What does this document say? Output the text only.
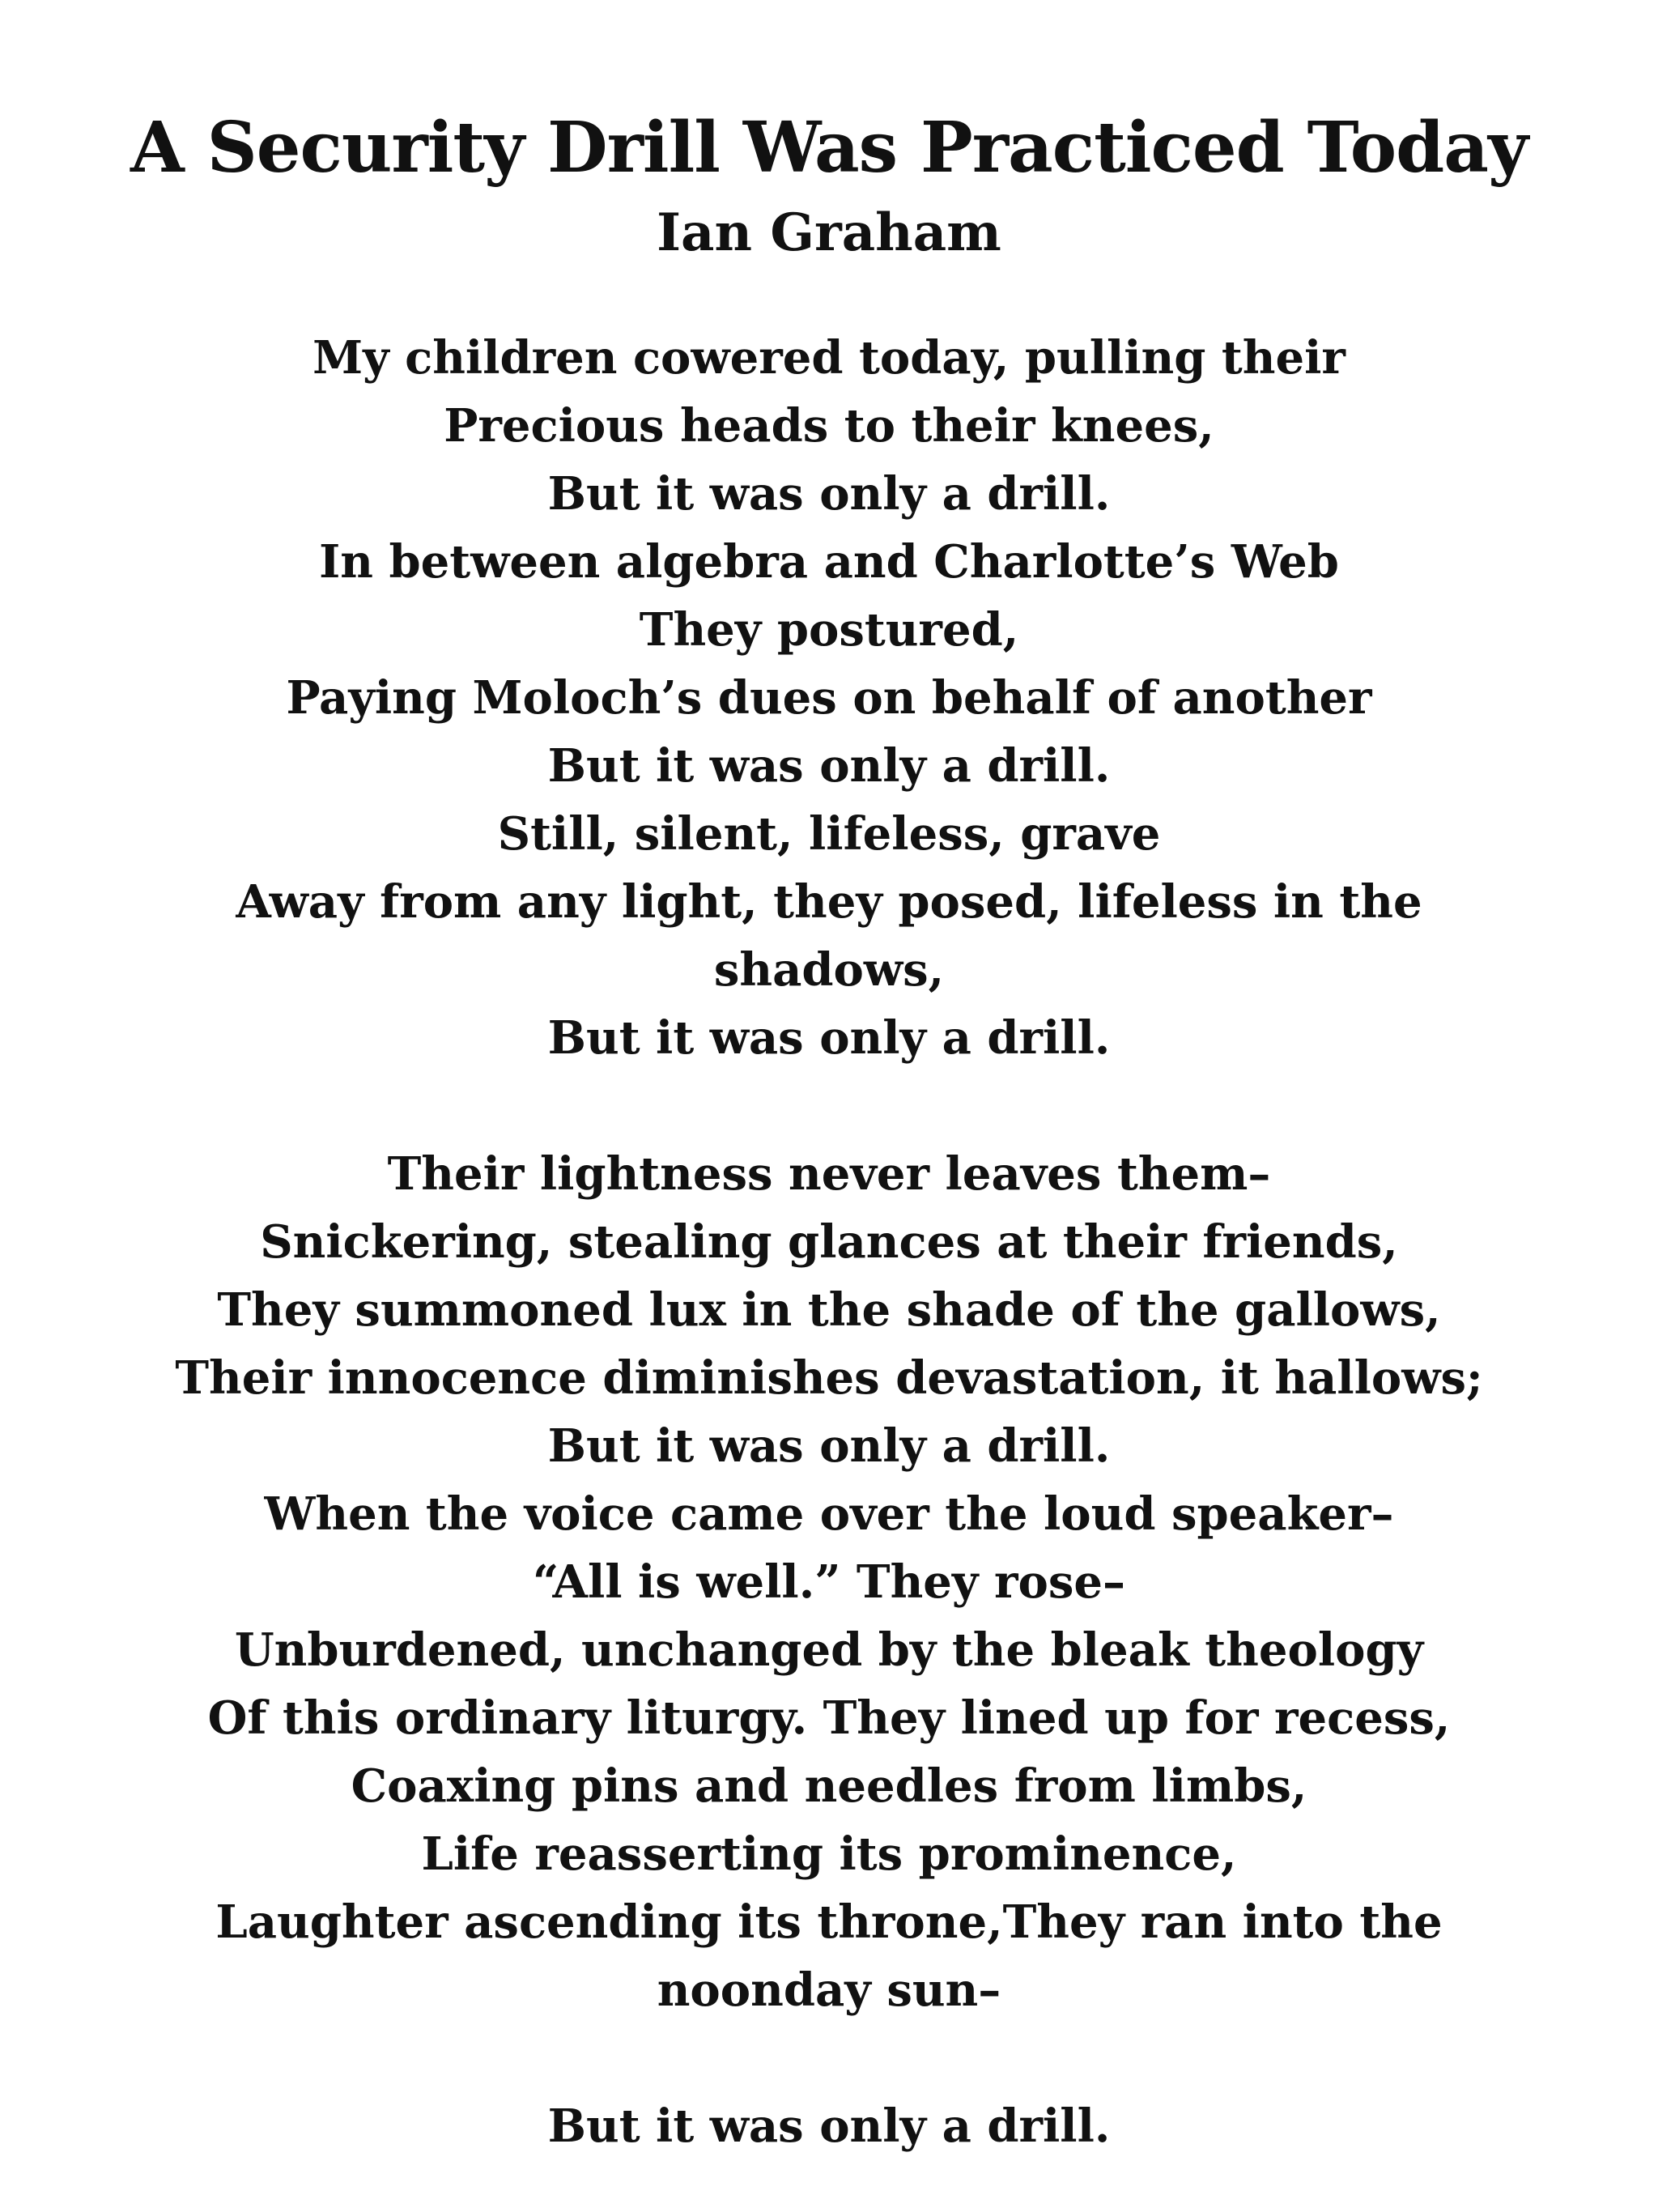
A Security Drill Was Practiced Today
Ian Graham
My children cowered today, pulling their
Precious heads to their knees,
But it was only a drill.
In between algebra and Charlotte’s Web
They postured,
Paying Moloch’s dues on behalf of another
But it was only a drill.
Still, silent, lifeless, grave
Away from any light, they posed, lifeless in the
shadows,
But it was only a drill.
Their lightness never leaves them–
Snickering, stealing glances at their friends,
They summoned lux in the shade of the gallows,
Their innocence diminishes devastation, it hallows;
But it was only a drill.
When the voice came over the loud speaker–
“All is well.” They rose–
Unburdened, unchanged by the bleak theology
Of this ordinary liturgy. They lined up for recess,
Coaxing pins and needles from limbs,
Life reasserting its prominence,
Laughter ascending its throne,They ran into the
noonday sun–
But it was only a drill.
